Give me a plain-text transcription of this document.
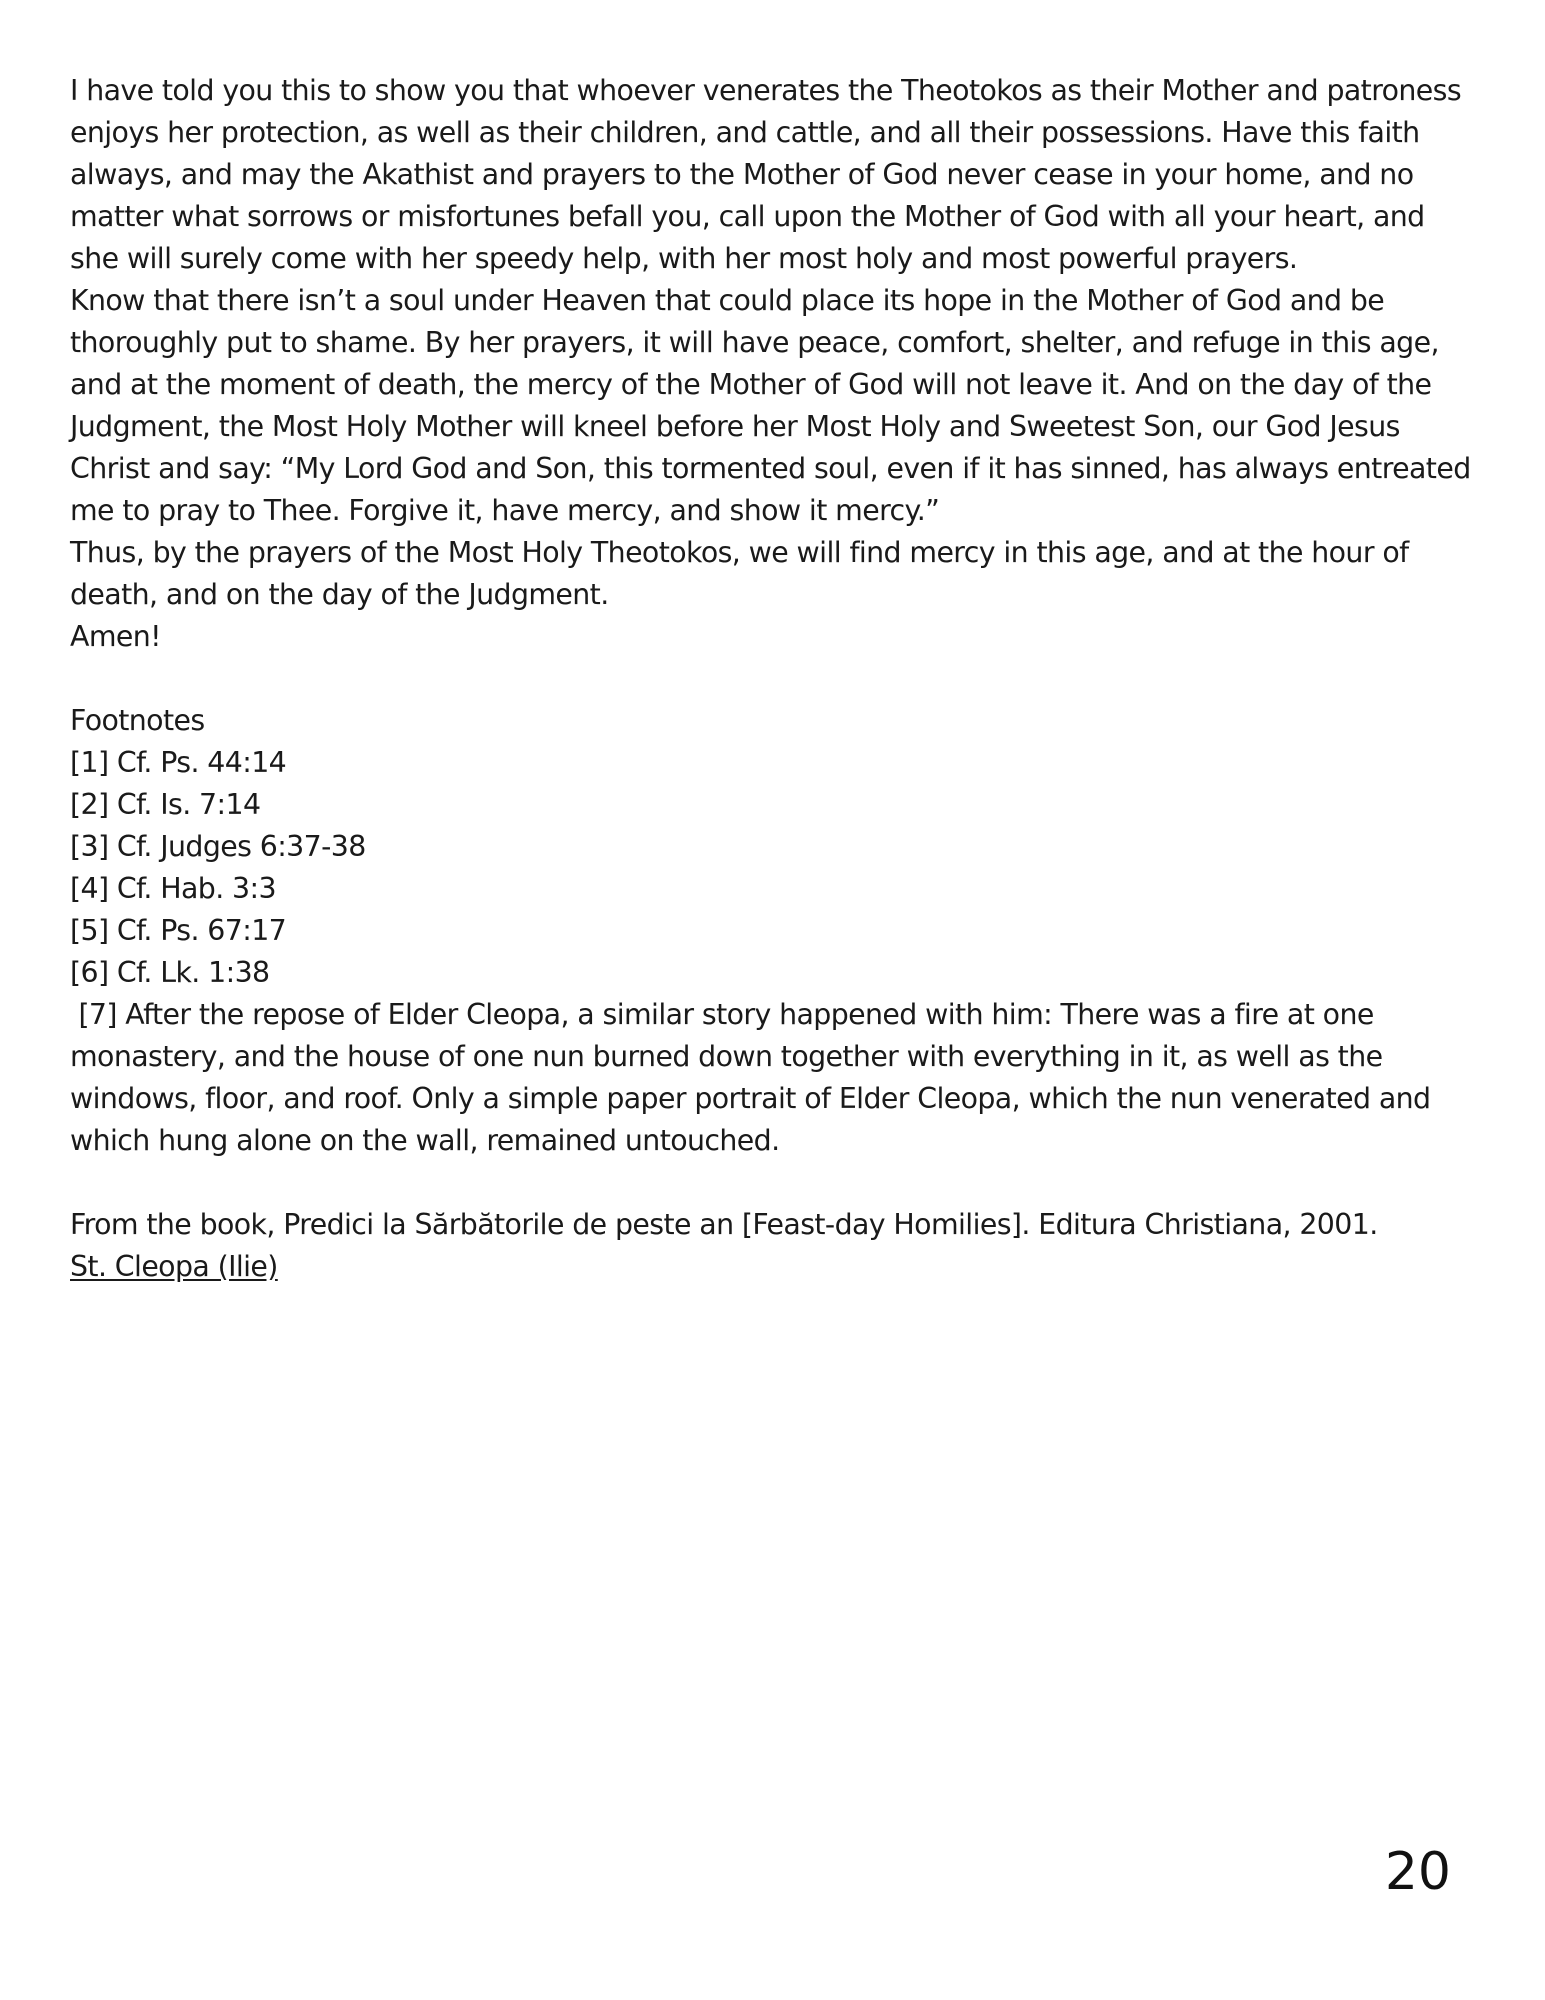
I have told you this to show you that whoever venerates the Theotokos as their Mother and patroness enjoys her protection, as well as their children, and cattle, and all their possessions. Have this faith always, and may the Akathist and prayers to the Mother of God never cease in your home, and no matter what sorrows or misfortunes befall you, call upon the Mother of God with all your heart, and she will surely come with her speedy help, with her most holy and most powerful prayers.

Know that there isn’t a soul under Heaven that could place its hope in the Mother of God and be thoroughly put to shame. By her prayers, it will have peace, comfort, shelter, and refuge in this age, and at the moment of death, the mercy of the Mother of God will not leave it. And on the day of the Judgment, the Most Holy Mother will kneel before her Most Holy and Sweetest Son, our God Jesus Christ and say: “My Lord God and Son, this tormented soul, even if it has sinned, has always entreated me to pray to Thee. Forgive it, have mercy, and show it mercy.”

Thus, by the prayers of the Most Holy Theotokos, we will find mercy in this age, and at the hour of death, and on the day of the Judgment.

Amen!

Footnotes

[1] Cf. Ps. 44:14

[2] Cf. Is. 7:14

[3] Cf. Judges 6:37-38

[4] Cf. Hab. 3:3

[5] Cf. Ps. 67:17

[6] Cf. Lk. 1:38

[7] After the repose of Elder Cleopa, a similar story happened with him: There was a fire at one monastery, and the house of one nun burned down together with everything in it, as well as the windows, floor, and roof. Only a simple paper portrait of Elder Cleopa, which the nun venerated and which hung alone on the wall, remained untouched.

From the book, Predici la Sărbătorile de peste an [Feast-day Homilies]. Editura Christiana, 2001.

St. Cleopa (Ilie)

20
